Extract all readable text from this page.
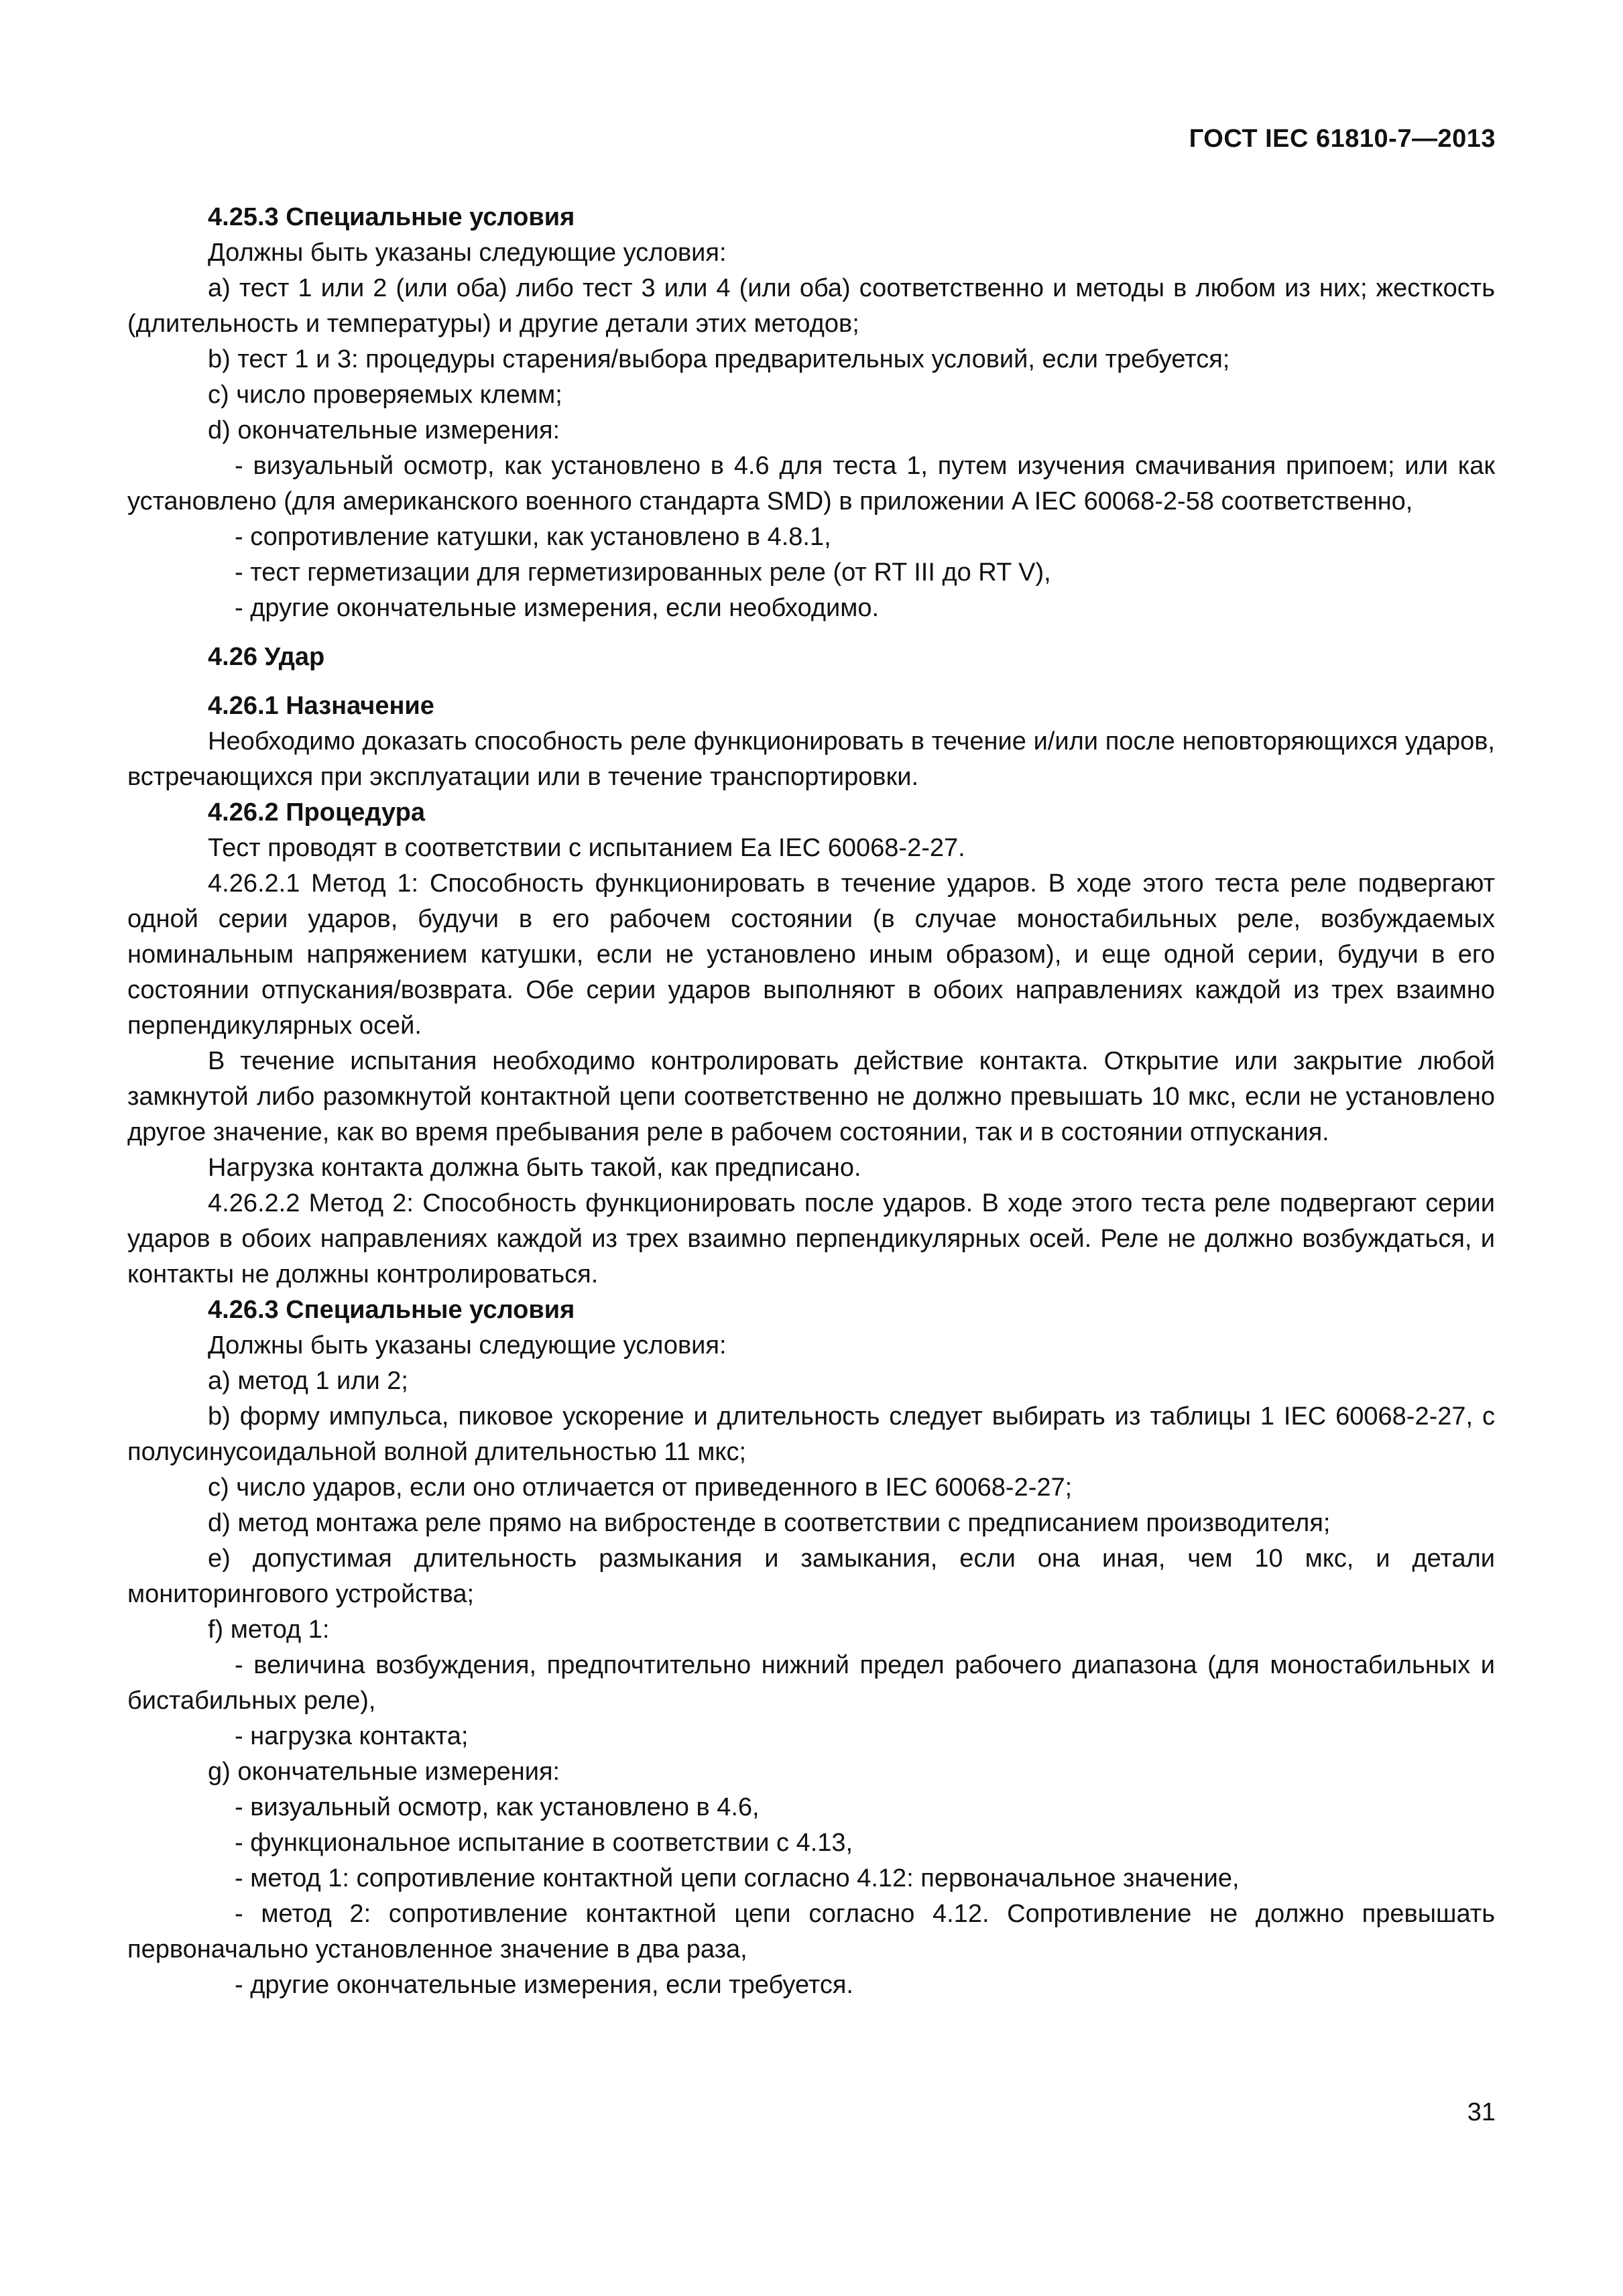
ГОСТ IEC 61810-7—2013

4.25.3 Специальные условия

Должны быть указаны следующие условия:

a) тест 1 или 2 (или оба) либо тест 3 или 4 (или оба) соответственно и методы в любом из них; жесткость (длительность и температуры) и другие детали этих методов;

b) тест 1 и 3: процедуры старения/выбора предварительных условий, если требуется;

c) число проверяемых клемм;

d) окончательные измерения:

- визуальный осмотр, как установлено в 4.6 для теста 1, путем изучения смачивания припоем; или как установлено (для американского военного стандарта SMD) в приложении A IEC 60068-2-58 соответственно,

- сопротивление катушки, как установлено в 4.8.1,

- тест герметизации для герметизированных реле (от RT III до RT V),

- другие окончательные измерения, если необходимо.

4.26 Удар

4.26.1 Назначение

Необходимо доказать способность реле функционировать в течение и/или после неповторяющихся ударов, встречающихся при эксплуатации или в течение транспортировки.

4.26.2 Процедура

Тест проводят в соответствии с испытанием Ea IEC 60068-2-27.

4.26.2.1 Метод 1: Способность функционировать в течение ударов. В ходе этого теста реле подвергают одной серии ударов, будучи в его рабочем состоянии (в случае моностабильных реле, возбуждаемых номинальным напряжением катушки, если не установлено иным образом), и еще одной серии, будучи в его состоянии отпускания/возврата. Обе серии ударов выполняют в обоих направлениях каждой из трех взаимно перпендикулярных осей.

В течение испытания необходимо контролировать действие контакта. Открытие или закрытие любой замкнутой либо разомкнутой контактной цепи соответственно не должно превышать 10 мкс, если не установлено другое значение, как во время пребывания реле в рабочем состоянии, так и в состоянии отпускания.

Нагрузка контакта должна быть такой, как предписано.

4.26.2.2 Метод 2: Способность функционировать после ударов. В ходе этого теста реле подвергают серии ударов в обоих направлениях каждой из трех взаимно перпендикулярных осей. Реле не должно возбуждаться, и контакты не должны контролироваться.

4.26.3 Специальные условия

Должны быть указаны следующие условия:

a) метод 1 или 2;

b) форму импульса, пиковое ускорение и длительность следует выбирать из таблицы 1 IEC 60068-2-27, с полусинусоидальной волной длительностью 11 мкс;

c) число ударов, если оно отличается от приведенного в IEC 60068-2-27;

d) метод монтажа реле прямо на вибростенде в соответствии с предписанием производителя;

e) допустимая длительность размыкания и замыкания, если она иная, чем 10 мкс, и детали мониторингового устройства;

f) метод 1:

- величина возбуждения, предпочтительно нижний предел рабочего диапазона (для моностабильных и бистабильных реле),

- нагрузка контакта;

g) окончательные измерения:

- визуальный осмотр, как установлено в 4.6,

- функциональное испытание в соответствии с 4.13,

- метод 1: сопротивление контактной цепи согласно 4.12: первоначальное значение,

- метод 2: сопротивление контактной цепи согласно 4.12. Сопротивление не должно превышать первоначально установленное значение в два раза,

- другие окончательные измерения, если требуется.

31
